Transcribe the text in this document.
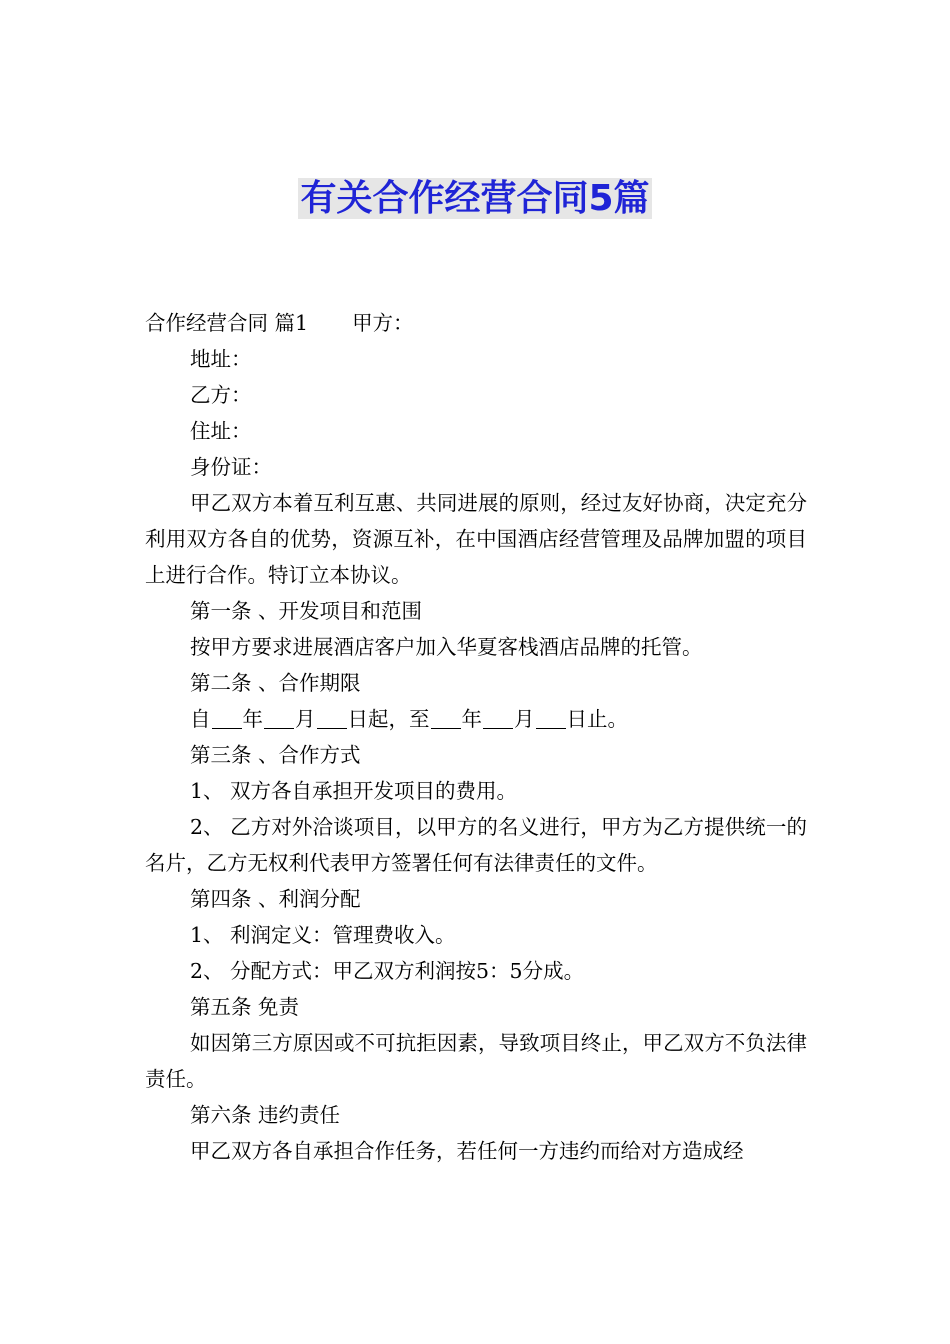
有关合作经营合同5篇

合作经营合同 篇1 甲方：

地址：

乙方：

住址：

身份证：

甲乙双方本着互利互惠、共同进展的原则，经过友好协商，决定充分利用双方各自的优势，资源互补，在中国酒店经营管理及品牌加盟的项目上进行合作。特订立本协议。

第一条 、开发项目和范围

按甲方要求进展酒店客户加入华夏客栈酒店品牌的托管。

第二条 、合作期限

自 年 月 日起，至 年 月 日止。

第三条 、合作方式

1、 双方各自承担开发项目的费用。

2、 乙方对外洽谈项目，以甲方的名义进行，甲方为乙方提供统一的名片，乙方无权利代表甲方签署任何有法律责任的文件。

第四条 、利润分配

1、 利润定义：管理费收入。

2、 分配方式：甲乙双方利润按5：5分成。

第五条 免责

如因第三方原因或不可抗拒因素，导致项目终止，甲乙双方不负法律责任。

第六条 违约责任

甲乙双方各自承担合作任务，若任何一方违约而给对方造成经
